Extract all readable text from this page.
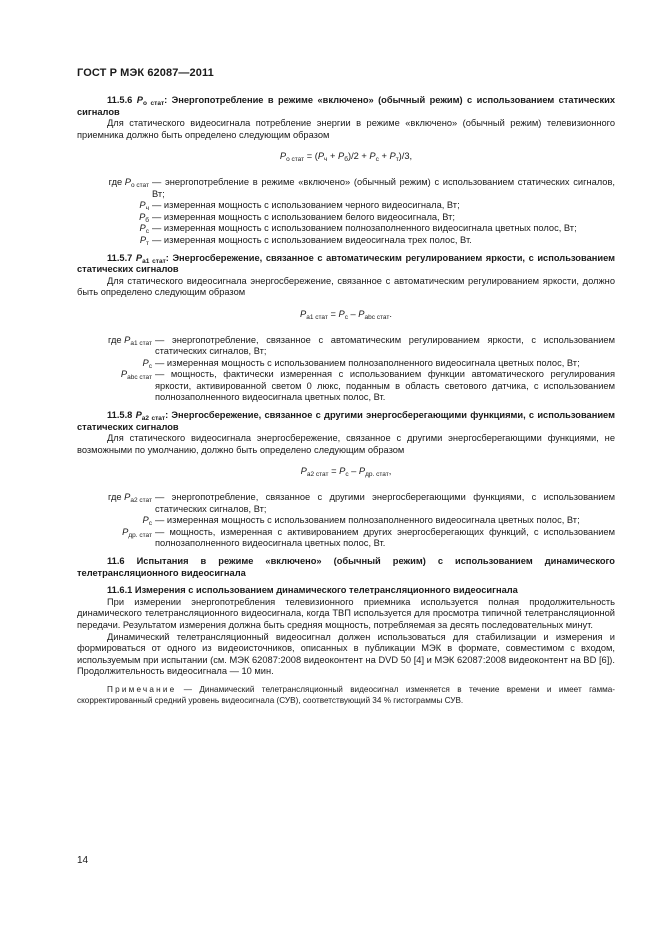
ГОСТ Р МЭК 62087—2011

11.5.6 $P_{о стат}$: Энергопотребление в режиме «включено» (обычный режим) с использованием статических сигналов

Для статического видеосигнала потребление энергии в режиме «включено» (обычный режим) телевизионного приемника должно быть определено следующим образом

$P_{о стат} = (P_ч + P_б)/2 + P_c + P_т)/3$,

где $P_{о стат}$ — энергопотребление в режиме «включено» (обычный режим) с использованием статических сигналов, Вт;
$P_ч$ — измеренная мощность с использованием черного видеосигнала, Вт;
$P_б$ — измеренная мощность с использованием белого видеосигнала, Вт;
$P_c$ — измеренная мощность с использованием полнозаполненного видеосигнала цветных полос, Вт;
$P_т$ — измеренная мощность с использованием видеосигнала трех полос, Вт.

11.5.7 $P_{a1 стат}$: Энергосбережение, связанное с автоматическим регулированием яркости, с использованием статических сигналов

Для статического видеосигнала энергосбережение, связанное с автоматическим регулированием яркости, должно быть определено следующим образом

$P_{a1 стат} = P_c - P_{abc стат}$.

где $P_{a1 стат}$ — энергопотребление, связанное с автоматическим регулированием яркости, с использованием статических сигналов, Вт;
$P_c$ — измеренная мощность с использованием полнозаполненного видеосигнала цветных полос, Вт;
$P_{abc стат}$ — мощность, фактически измеренная с использованием функции автоматического регулирования яркости, активированной светом 0 люкс, поданным в область светового датчика, с использованием полнозаполненного видеосигнала цветных полос, Вт.

11.5.8 $P_{a2 стат}$: Энергосбережение, связанное с другими энергосберегающими функциями, с использованием статических сигналов

Для статического видеосигнала энергосбережение, связанное с другими энергосберегающими функциями, не возможными по умолчанию, должно быть определено следующим образом

$P_{a2 стат} = P_c - P_{др. стат}$,

где $P_{a2 стат}$ — энергопотребление, связанное с другими энергосберегающими функциями, с использованием статических сигналов, Вт;
$P_c$ — измеренная мощность с использованием полнозаполненного видеосигнала цветных полос, Вт;
$P_{др. стат}$ — мощность, измеренная с активированием других энергосберегающих функций, с использованием полнозаполненного видеосигнала цветных полос, Вт.

11.6 Испытания в режиме «включено» (обычный режим) с использованием динамического телетрансляционного видеосигнала

11.6.1 Измерения с использованием динамического телетрансляционного видеосигнала

При измерении энергопотребления телевизионного приемника используется полная продолжительность динамического телетрансляционного видеосигнала, когда ТВП используется для просмотра типичной телетрансляционной передачи. Результатом измерения должна быть средняя мощность, потребляемая за десять последовательных минут.

Динамический телетрансляционный видеосигнал должен использоваться для стабилизации и измерения и формироваться от одного из видеоисточников, описанных в публикации МЭК в формате, совместимом с входом, используемым при испытании (см. МЭК 62087:2008 видеоконтент на DVD 50 [4] и МЭК 62087:2008 видеоконтент на BD [6]). Продолжительность видеосигнала — 10 мин.

Примечание — Динамический телетрансляционный видеосигнал изменяется в течение времени и имеет гамма-скорректированный средний уровень видеосигнала (СУВ), соответствующий 34 % гистограммы СУВ.

14
